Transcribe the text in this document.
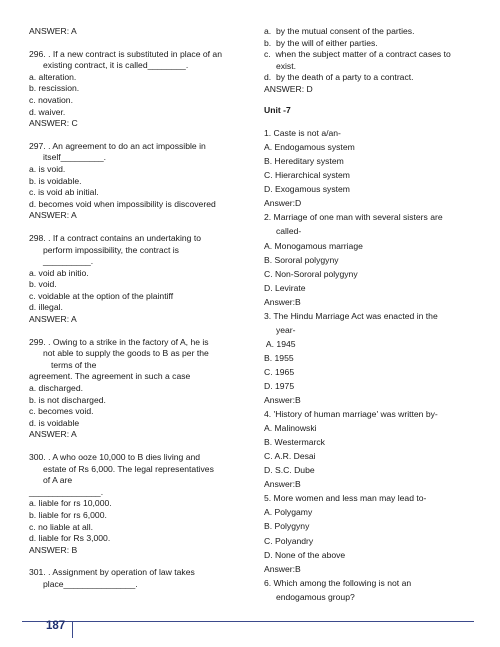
ANSWER: A
296. . If a new contract is substituted in place of an
existing contract, it is called________.
a. alteration.
b. rescission.
c. novation.
d. waiver.
ANSWER: C
297. . An agreement to do an act impossible in
itself_________.
a. is void.
b. is voidable.
c. is void ab initial.
d. becomes void when impossibility is discovered
ANSWER: A
298. . If a contract contains an undertaking to
perform impossibility, the contract is
__________.
a. void ab initio.
b. void.
c. voidable at the option of the plaintiff
d. illegal.
ANSWER: A
299. . Owing to a strike in the factory of A, he is
not able to supply the goods to B as per the
terms of the
agreement. The agreement in such a case
a. discharged.
b. is not discharged.
c. becomes void.
d. is voidable
ANSWER: A
300. . A who ooze 10,000 to B dies living and
estate of Rs 6,000. The legal representatives
of A are
_______________.
a. liable for rs 10,000.
b. liable for rs 6,000.
c. no liable at all.
d. liable for Rs 3,000.
ANSWER: B
301. . Assignment by operation of law takes
place_______________.
a.  by the mutual consent of the parties.
b.  by the will of either parties.
c.  when the subject matter of a contract cases to
exist.
d.  by the death of a party to a contract.
ANSWER: D
Unit -7
1. Caste is not a/an-
A. Endogamous system
B. Hereditary system
C. Hierarchical system
D. Exogamous system
Answer:D
2. Marriage of one man with several sisters are
called-
A. Monogamous marriage
B. Sororal polygyny
C. Non-Sororal polygyny
D. Levirate
Answer:B
3. The Hindu Marriage Act was enacted in the
year-
A. 1945
B. 1955
C. 1965
D. 1975
Answer:B
4. 'History of human marriage' was written by-
A. Malinowski
B. Westermarck
C. A.R. Desai
D. S.C. Dube
Answer:B
5. More women and less man may lead to-
A. Polygamy
B. Polygyny
C. Polyandry
D. None of the above
Answer:B
6. Which among the following is not an
endogamous group?
187
